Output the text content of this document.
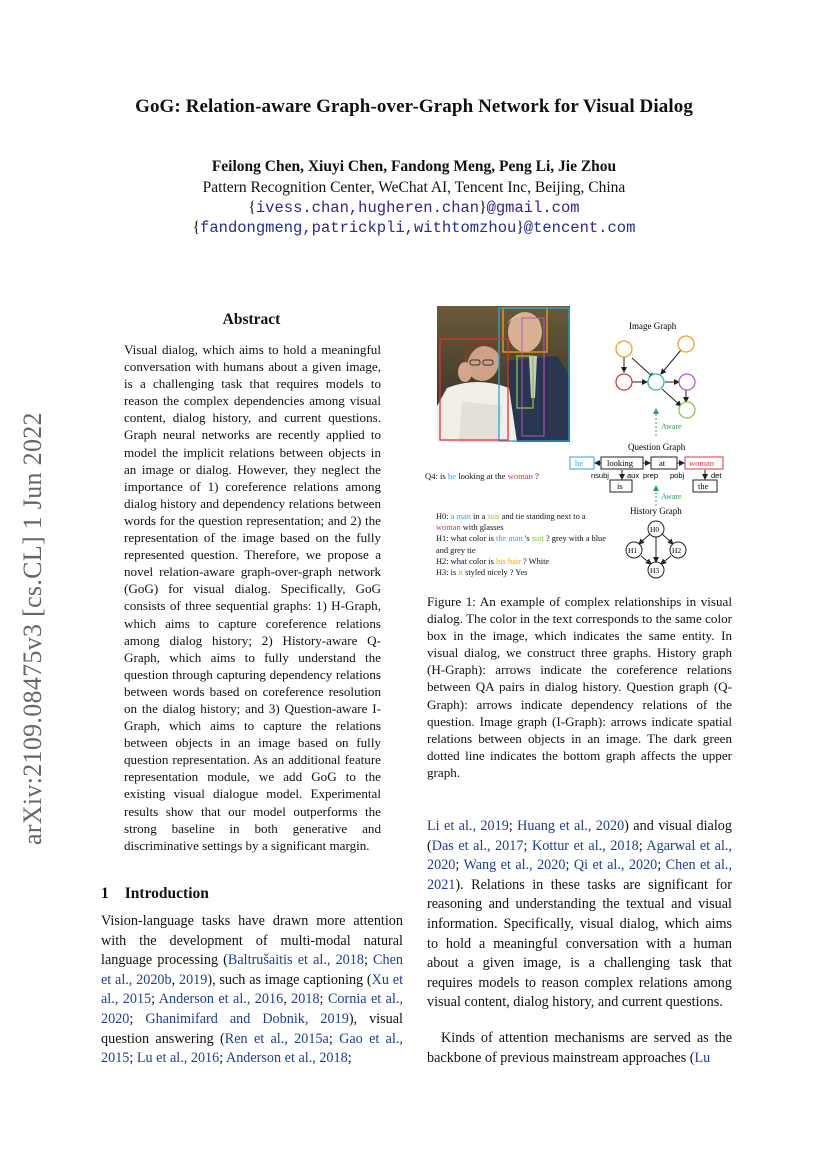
GoG: Relation-aware Graph-over-Graph Network for Visual Dialog
Feilong Chen, Xiuyi Chen, Fandong Meng, Peng Li, Jie Zhou
Pattern Recognition Center, WeChat AI, Tencent Inc, Beijing, China
{ivess.chan,hugheren.chan}@gmail.com
{fandongmeng,patrickpli,withtomzhou}@tencent.com
arXiv:2109.08475v3 [cs.CL] 1 Jun 2022
Abstract
Visual dialog, which aims to hold a meaningful conversation with humans about a given image, is a challenging task that requires models to reason the complex dependencies among visual content, dialog history, and current questions. Graph neural networks are recently applied to model the implicit relations between objects in an image or dialog. However, they neglect the importance of 1) coreference relations among dialog history and dependency relations between words for the question representation; and 2) the representation of the image based on the fully represented question. Therefore, we propose a novel relation-aware graph-over-graph network (GoG) for visual dialog. Specifically, GoG consists of three sequential graphs: 1) H-Graph, which aims to capture coreference relations among dialog history; 2) History-aware Q-Graph, which aims to fully understand the question through capturing dependency relations between words based on coreference resolution on the dialog history; and 3) Question-aware I-Graph, which aims to capture the relations between objects in an image based on fully question representation. As an additional feature representation module, we add GoG to the existing visual dialogue model. Experimental results show that our model outperforms the strong baseline in both generative and discriminative settings by a significant margin.
1 Introduction
Vision-language tasks have drawn more attention with the development of multi-modal natural language processing (Baltrušaitis et al., 2018; Chen et al., 2020b, 2019), such as image captioning (Xu et al., 2015; Anderson et al., 2016, 2018; Cornia et al., 2020; Ghanimifard and Dobnik, 2019), visual question answering (Ren et al., 2015a; Gao et al., 2015; Lu et al., 2016; Anderson et al., 2018;
Li et al., 2019; Huang et al., 2020) and visual dialog (Das et al., 2017; Kottur et al., 2018; Agarwal et al., 2020; Wang et al., 2020; Qi et al., 2020; Chen et al., 2021). Relations in these tasks are significant for reasoning and understanding the textual and visual information. Specifically, visual dialog, which aims to hold a meaningful conversation with a human about a given image, is a challenging task that requires models to reason complex relations among visual content, dialog history, and current questions.
Kinds of attention mechanisms are served as the backbone of previous mainstream approaches (Lu
Image Graph
Aware
Question Graph
he	looking	at	woman
is	the
nsubj aux prep pobj	det
Aware
History Graph
H0
H1	H2
H3
Q4: is he looking at the woman ?
H0: a man in a suit and tie standing next to a woman with glasses
H1: what color is the man 's suit ? grey with a blue and grey tie
H2: what color is his hair ? White
H3: is it styled nicely ? Yes
Figure 1: An example of complex relationships in visual dialog. The color in the text corresponds to the same color box in the image, which indicates the same entity. In visual dialog, we construct three graphs. History graph (H-Graph): arrows indicate the coreference relations between QA pairs in dialog history. Question graph (Q-Graph): arrows indicate dependency relations of the question. Image graph (I-Graph): arrows indicate spatial relations between objects in an image. The dark green dotted line indicates the bottom graph affects the upper graph.
